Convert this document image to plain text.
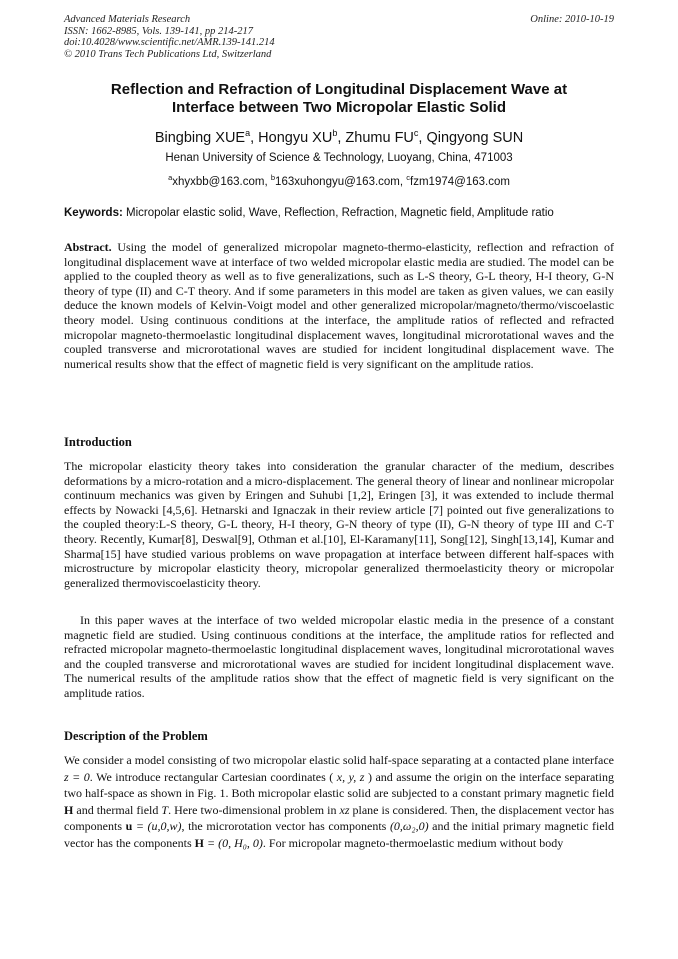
Advanced Materials Research
ISSN: 1662-8985, Vols. 139-141, pp 214-217
doi:10.4028/www.scientific.net/AMR.139-141.214
© 2010 Trans Tech Publications Ltd, Switzerland
Online: 2010-10-19
Reflection and Refraction of Longitudinal Displacement Wave at
Interface between Two Micropolar Elastic Solid
Bingbing XUE$^a$, Hongyu $XU^b$, Zhumu $FU^c$, Qingyong SUN
Henan University of Science & Technology, Luoyang, China, 471003
$^a$xhyxbb@163.com, $^b$163xuhongyu@163.com, $^c$fzm1974@163.com
Keywords: Micropolar elastic solid, Wave, Reflection, Refraction, Magnetic field, Amplitude ratio
Abstract. Using the model of generalized micropolar magneto-thermo-elasticity, reflection and refraction of longitudinal displacement wave at interface of two welded micropolar elastic media are studied. The model can be applied to the coupled theory as well as to five generalizations, such as L-S theory, G-L theory, H-I theory, G-N theory of type (II) and C-T theory. And if some parameters in this model are taken as given values, we can easily deduce the known models of Kelvin-Voigt model and other generalized micropolar/magneto/thermo/viscoelastic theory model. Using continuous conditions at the interface, the amplitude ratios of reflected and refracted micropolar magneto-thermoelastic longitudinal displacement waves, longitudinal microrotational waves and the coupled transverse and microrotational waves are studied for incident longitudinal displacement wave. The numerical results show that the effect of magnetic field is very significant on the amplitude ratios.
Introduction
The micropolar elasticity theory takes into consideration the granular character of the medium, describes deformations by a micro-rotation and a micro-displacement. The general theory of linear and nonlinear micropolar continuum mechanics was given by Eringen and Suhubi [1,2], Eringen [3], it was extended to include thermal effects by Nowacki [4,5,6]. Hetnarski and Ignaczak in their review article [7] pointed out five generalizations to the coupled theory:L-S theory, G-L theory, H-I theory, G-N theory of type (II), G-N theory of type III and C-T theory. Recently, Kumar[8], Deswal[9], Othman et al.[10], El-Karamany[11], Song[12], Singh[13,14], Kumar and Sharma[15] have studied various problems on wave propagation at interface between different half-spaces with microstructure by micropolar elasticity theory, micropolar generalized thermoelasticity theory or micropolar generalized thermoviscoelasticity theory.
In this paper waves at the interface of two welded micropolar elastic media in the presence of a constant magnetic field are studied. Using continuous conditions at the interface, the amplitude ratios for reflected and refracted micropolar magneto-thermoelastic longitudinal displacement waves, longitudinal microrotational waves and the coupled transverse and microrotational waves are studied for incident longitudinal displacement wave. The numerical results of the amplitude ratios show that the effect of magnetic field is very significant on the amplitude ratios.
Description of the Problem
We consider a model consisting of two micropolar elastic solid half-space separating at a contacted plane interface z = 0. We introduce rectangular Cartesian coordinates ( x, y, z ) and assume the origin on the interface separating two half-space as shown in Fig. 1. Both micropolar elastic solid are subjected to a constant primary magnetic field H and thermal field T. Here two-dimensional problem in xz plane is considered. Then, the displacement vector has components u = (u,0,w), the microrotation vector has components (0,ω₂,0) and the initial primary magnetic field vector has the components H = (0, H₀, 0). For micropolar magneto-thermoelastic medium without body
